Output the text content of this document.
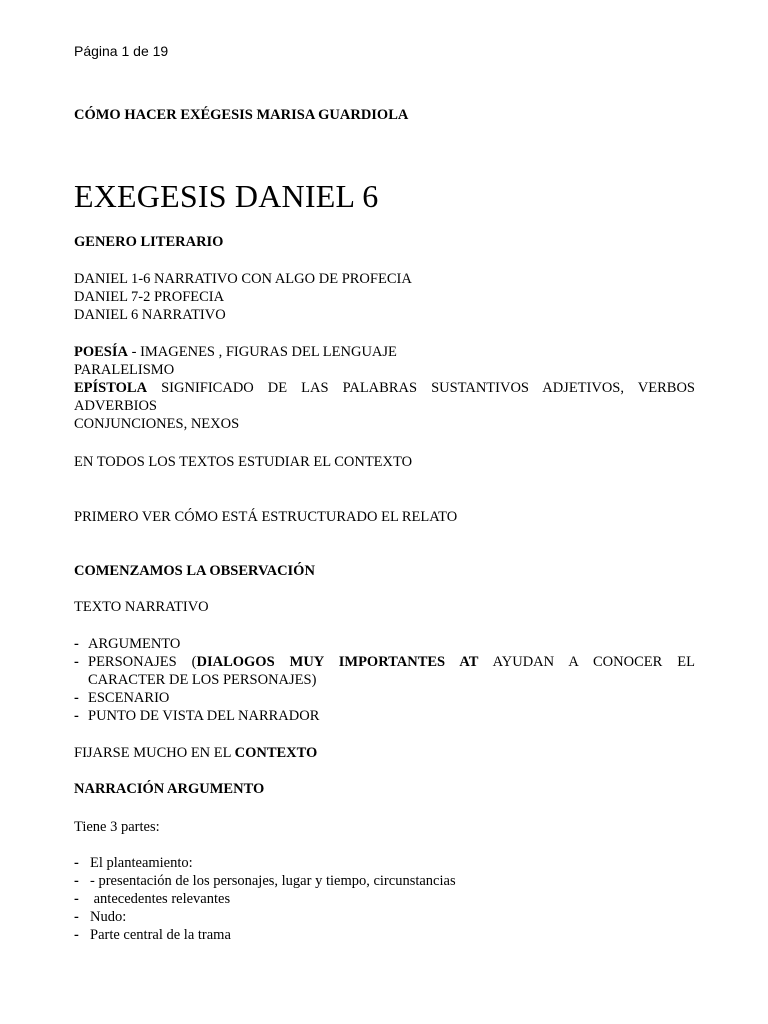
Página 1 de 19
CÓMO HACER EXÉGESIS MARISA GUARDIOLA
EXEGESIS DANIEL 6
GENERO LITERARIO
DANIEL 1-6 NARRATIVO CON ALGO DE PROFECIA
DANIEL 7-2 PROFECIA
DANIEL 6 NARRATIVO
POESÍA - IMAGENES , FIGURAS DEL LENGUAJE
PARALELISMO
EPÍSTOLA SIGNIFICADO DE LAS PALABRAS SUSTANTIVOS ADJETIVOS, VERBOS
ADVERBIOS
CONJUNCIONES, NEXOS
EN TODOS LOS TEXTOS ESTUDIAR EL CONTEXTO
PRIMERO VER CÓMO ESTÁ ESTRUCTURADO EL RELATO
COMENZAMOS LA OBSERVACIÓN
TEXTO NARRATIVO
- ARGUMENTO
- PERSONAJES (DIALOGOS MUY IMPORTANTES AT AYUDAN A CONOCER EL
CARACTER DE LOS PERSONAJES)
- ESCENARIO
- PUNTO DE VISTA DEL NARRADOR
FIJARSE MUCHO EN EL CONTEXTO
NARRACIÓN ARGUMENTO
Tiene 3 partes:
- El planteamiento:
- - presentación de los personajes, lugar y tiempo, circunstancias
- antecedentes relevantes
- Nudo:
- Parte central de la trama
